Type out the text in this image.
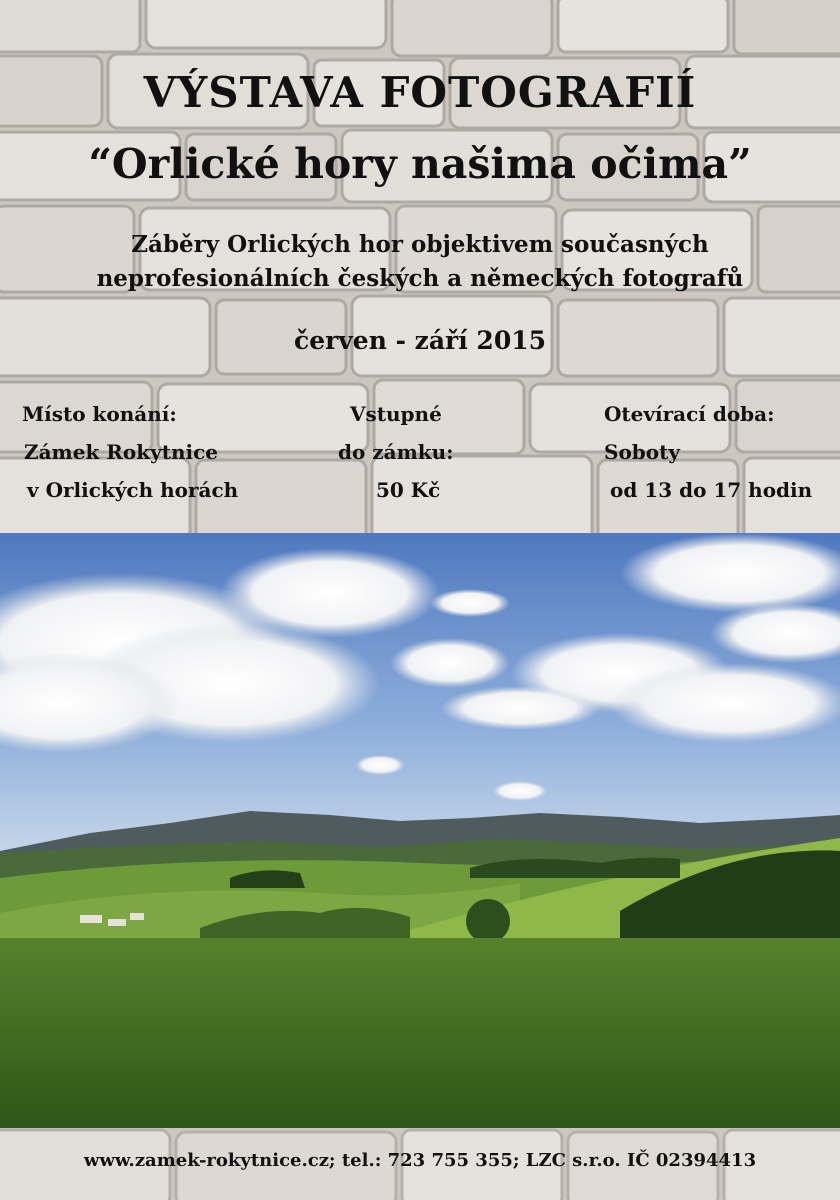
VÝSTAVA FOTOGRAFIÍ
“Orlické hory našima očima”
Záběry Orlických hor objektivem současných
neprofesionálních českých a německých fotografů
červen - září 2015
Místo konání:
Zámek Rokytnice
v Orlických horách
Vstupné
do zámku:
50 Kč
Otevírací doba:
Soboty
od 13 do 17 hodin
www.zamek-rokytnice.cz; tel.: 723 755 355; LZC s.r.o. IČ 02394413
